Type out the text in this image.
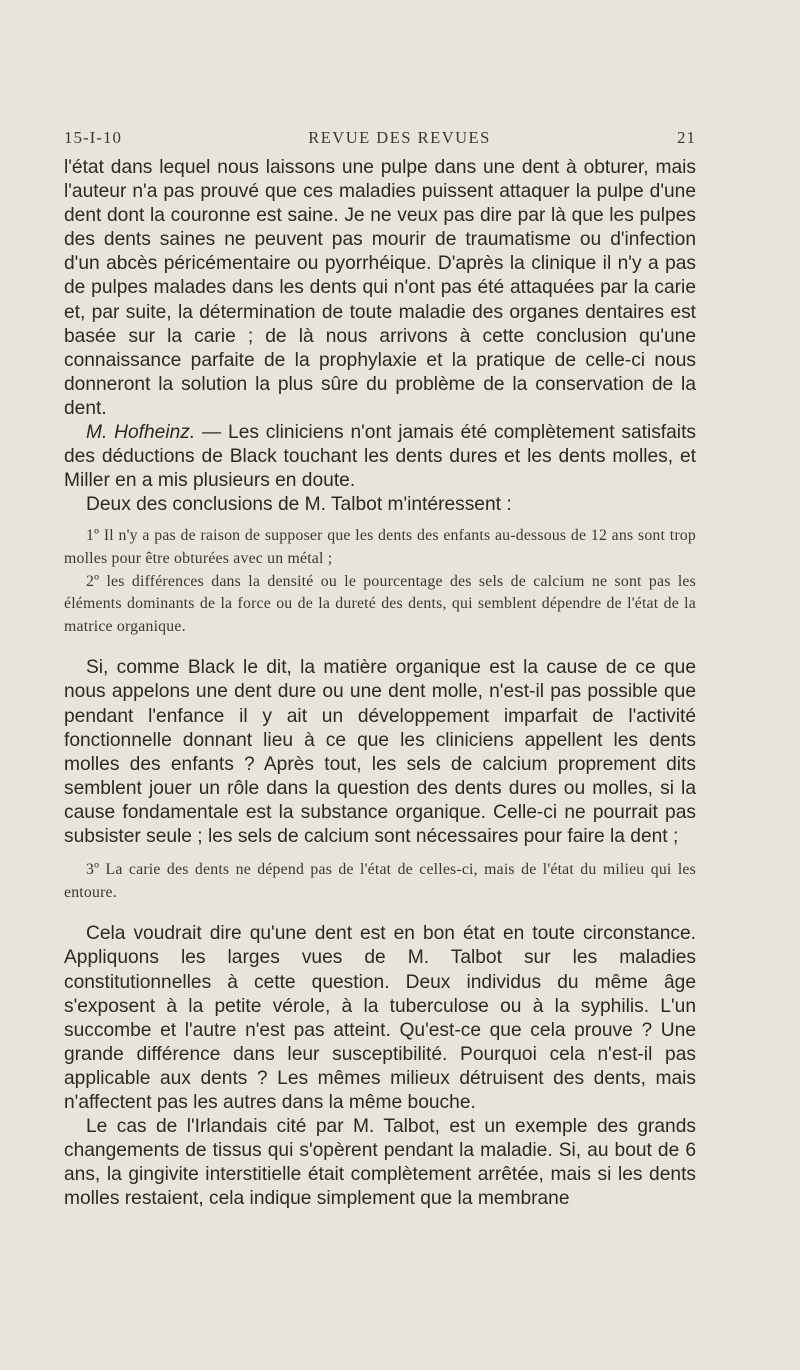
15-I-10	REVUE DES REVUES	21

l'état dans lequel nous laissons une pulpe dans une dent à obturer, mais l'auteur n'a pas prouvé que ces maladies puissent attaquer la pulpe d'une dent dont la couronne est saine. Je ne veux pas dire par là que les pulpes des dents saines ne peuvent pas mourir de traumatisme ou d'infection d'un abcès péricémentaire ou pyorrhéique. D'après la clinique il n'y a pas de pulpes malades dans les dents qui n'ont pas été attaquées par la carie et, par suite, la détermination de toute maladie des organes dentaires est basée sur la carie ; de là nous arrivons à cette conclusion qu'une connaissance parfaite de la prophylaxie et la pratique de celle-ci nous donneront la solution la plus sûre du problème de la conservation de la dent.

M. Hofheinz. — Les cliniciens n'ont jamais été complètement satisfaits des déductions de Black touchant les dents dures et les dents molles, et Miller en a mis plusieurs en doute.

Deux des conclusions de M. Talbot m'intéressent :

1º Il n'y a pas de raison de supposer que les dents des enfants au-dessous de 12 ans sont trop molles pour être obturées avec un métal ;

2º les différences dans la densité ou le pourcentage des sels de calcium ne sont pas les éléments dominants de la force ou de la dureté des dents, qui semblent dépendre de l'état de la matrice organique.

Si, comme Black le dit, la matière organique est la cause de ce que nous appelons une dent dure ou une dent molle, n'est-il pas possible que pendant l'enfance il y ait un développement imparfait de l'activité fonctionnelle donnant lieu à ce que les cliniciens appellent les dents molles des enfants ? Après tout, les sels de calcium proprement dits semblent jouer un rôle dans la question des dents dures ou molles, si la cause fondamentale est la substance organique. Celle-ci ne pourrait pas subsister seule ; les sels de calcium sont nécessaires pour faire la dent ;

3º La carie des dents ne dépend pas de l'état de celles-ci, mais de l'état du milieu qui les entoure.

Cela voudrait dire qu'une dent est en bon état en toute circonstance. Appliquons les larges vues de M. Talbot sur les maladies constitutionnelles à cette question. Deux individus du même âge s'exposent à la petite vérole, à la tuberculose ou à la syphilis. L'un succombe et l'autre n'est pas atteint. Qu'est-ce que cela prouve ? Une grande différence dans leur susceptibilité. Pourquoi cela n'est-il pas applicable aux dents ? Les mêmes milieux détruisent des dents, mais n'affectent pas les autres dans la même bouche.

Le cas de l'Irlandais cité par M. Talbot, est un exemple des grands changements de tissus qui s'opèrent pendant la maladie. Si, au bout de 6 ans, la gingivite interstitielle était complètement arrêtée, mais si les dents molles restaient, cela indique simplement que la membrane
